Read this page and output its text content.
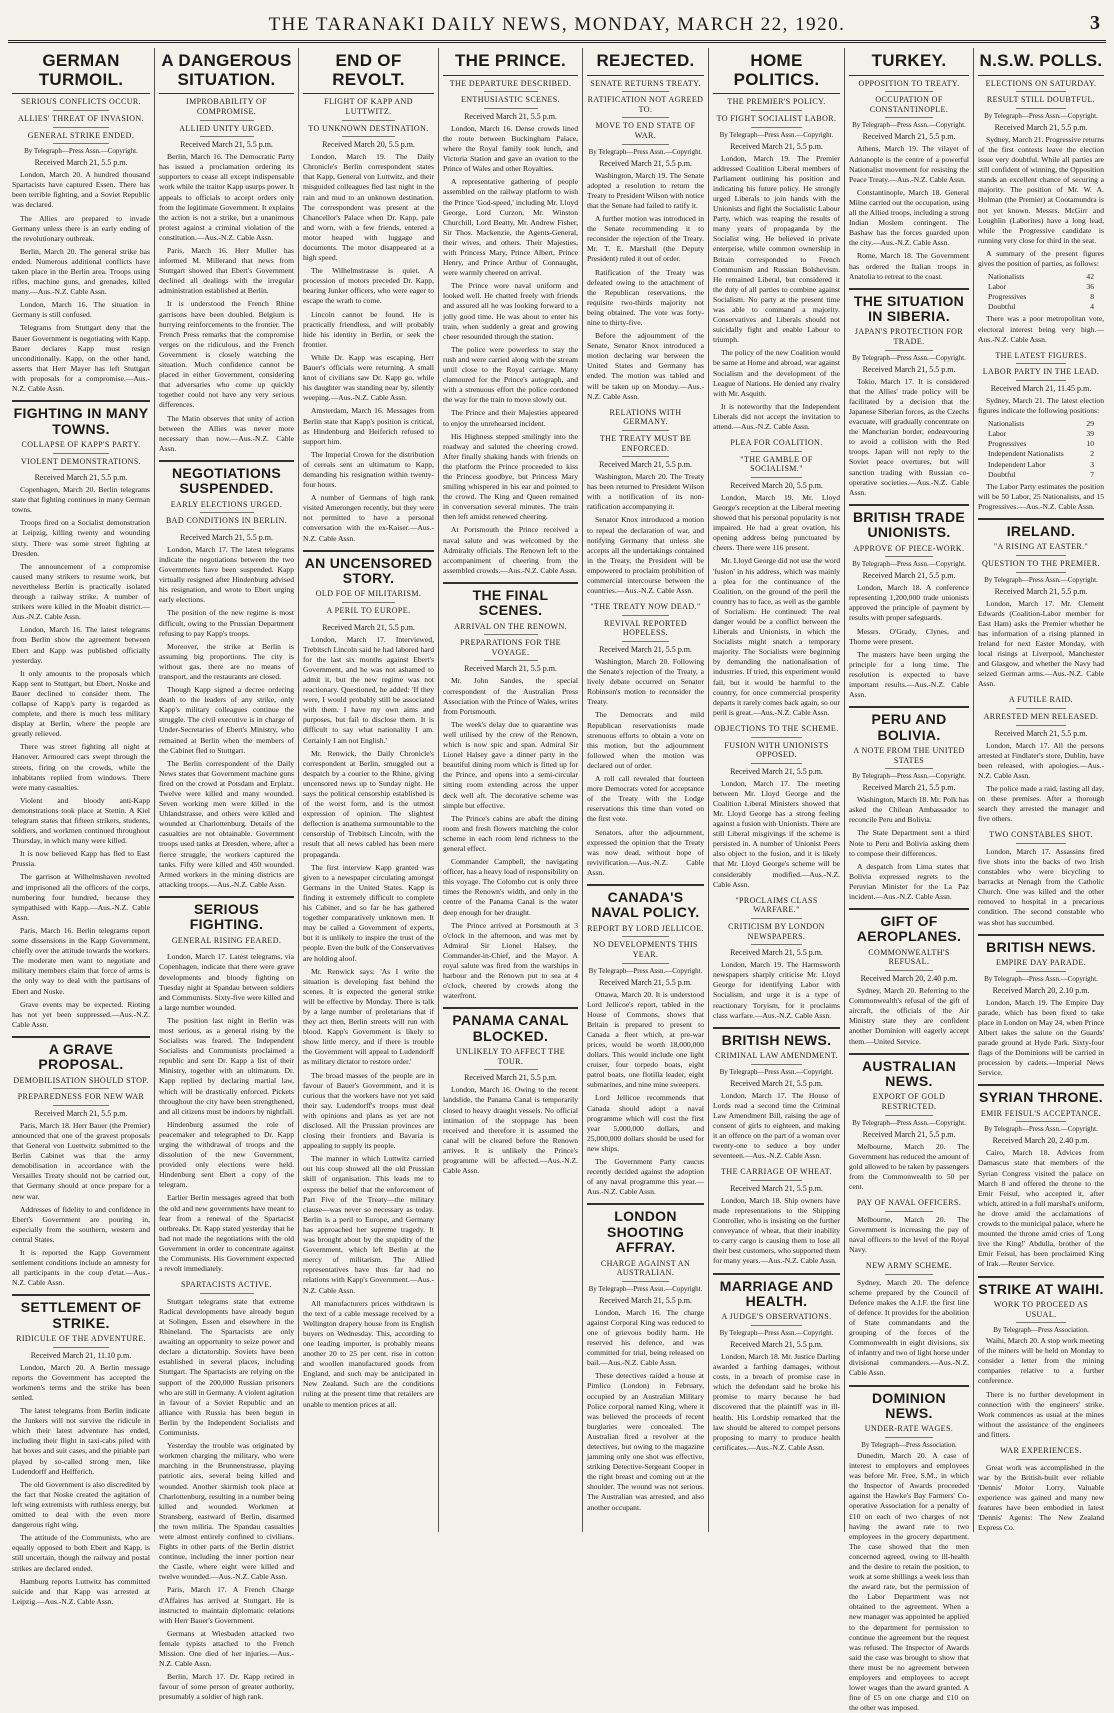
THE TARANAKI DAILY NEWS, MONDAY, MARCH 22, 1920.	3
GERMAN TURMOIL.
SERIOUS CONFLICTS OCCUR.
ALLIES' THREAT OF INVASION.
GENERAL STRIKE ENDED.
By Telegraph—Press Assn.—Copyright.
Received March 21, 5.5 p.m.
London, March 20. A hundred thousand Spartacists have captured Essen. There has been terrible fighting, and a Soviet Republic was declared.
The Allies are prepared to invade Germany unless there is an early ending of the revolutionary outbreak.
Berlin, March 20. The general strike has ended. Numerous additional conflicts have taken place in the Berlin area. Troops using rifles, machine guns, and grenades, killed many.—Aus.-N.Z. Cable Assn.
London, March 16. The situation in Germany is still confused.
Telegrams from Stuttgart deny that the Bauer Government is negotiating with Kapp. Bauer declares Kapp must resign unconditionally. Kapp, on the other hand, asserts that Herr Mayer has left Stuttgart with proposals for a compromise.—Aus.-N.Z. Cable Assn.
FIGHTING IN MANY TOWNS.
COLLAPSE OF KAPP'S PARTY.
VIOLENT DEMONSTRATIONS.
Received March 21, 5.5 p.m.
Copenhagen, March 20. Berlin telegrams state that fighting continues in many German towns.
Troops fired on a Socialist demonstration at Leipzig, killing twenty and wounding sixty. There was some street fighting at Dresden.
The announcement of a compromise caused many strikers to resume work, but nevertheless Berlin is practically isolated through a railway strike. A number of strikers were killed in the Moabit district.—Aus.-N.Z. Cable Assn.
London, March 16. The latest telegrams from Berlin show the agreement between Ebert and Kapp was published officially yesterday.
It only amounts to the proposals which Kapp sent to Stuttgart, but Ebert, Noske and Bauer declined to consider them. The collapse of Kapp's party is regarded as complete, and there is much less military display at Berlin, where the people are greatly relieved.
There was street fighting all night at Hanover. Armoured cars swept through the streets, firing on the crowds, while the inhabitants replied from windows. There were many casualties.
Violent and bloody anti-Kapp demonstrations took place at Stettin. A Kiel telegram states that fifteen strikers, students, soldiers, and workmen continued throughout Thursday, in which many were killed.
It is now believed Kapp has fled to East Prussia.
The garrison at Wilhelmshaven revolted and imprisoned all the officers of the corps, numbering four hundred, because they sympathised with Kapp.—Aus.-N.Z. Cable Assn.
Paris, March 16. Berlin telegrams report some dissensions in the Kapp Government, chiefly over the attitude towards the workers. The moderate men want to negotiate and military members claim that force of arms is the only way to deal with the partisans of Ebert and Noske.
Grave events may be expected. Rioting has not yet been suppressed.—Aus.-N.Z. Cable Assn.
A GRAVE PROPOSAL.
DEMOBILISATION SHOULD STOP.
PREPAREDNESS FOR NEW WAR
Received March 21, 5.5 p.m.
Paris, March 18. Herr Bauer (the Premier) announced that one of the gravest proposals that General von Luettwitz submitted to the Berlin Cabinet was that the army demobilisation in accordance with the Versailles Treaty should not be carried out, that Germany should at once prepare for a new war.
Addresses of fidelity to and confidence in Ebert's Government are pouring in, especially from the southern, western and central States.
It is reported the Kapp Government settlement conditions include an amnesty for all participants in the coup d'etat.—Aus.-N.Z. Cable Assn.
SETTLEMENT OF STRIKE.
RIDICULE OF THE ADVENTURE.
Received March 21, 11.10 p.m.
London, March 20. A Berlin message reports the Government has accepted the workmen's terms and the strike has been settled.
The latest telegrams from Berlin indicate the Junkers will not survive the ridicule in which their latest adventure has ended, including their flight in taxi-cabs piled with hat boxes and suit cases, and the pitiable part played by so-called strong men, like Ludendorff and Helfferich.
The old Government is also discredited by the fact that Noske created the agitation of left wing extremists with ruthless energy, but omitted to deal with the even more dangerous right wing.
The attitude of the Communists, who are equally opposed to both Ebert and Kapp, is still uncertain, though the railway and postal strikes are declared ended.
Hamburg reports Luttwitz has committed suicide and that Kapp was arrested at Leipzig.—Aus.-N.Z. Cable Assn.
A DANGEROUS SITUATION.
IMPROBABILITY OF COMPROMISE.
ALLIED UNITY URGED.
Received March 21, 5.5 p.m.
Berlin, March 16. The Democratic Party has issued a proclamation ordering its supporters to cease all except indispensable work while the traitor Kapp usurps power. It appeals to officials to accept orders only from the legitimate Government. It explains the action is not a strike, but a unanimous protest against a criminal violation of the constitution.—Aus.-N.Z. Cable Assn.
Paris, March 16. Herr Muller has informed M. Millerand that news from Stuttgart showed that Ebert's Government declined all dealings with the irregular administration established at Berlin.
It is understood the French Rhine garrisons have been doubled. Belgium is hurrying reinforcements to the frontier. The French Press remarks that the compromise verges on the ridiculous, and the French Government is closely watching the situation. Much confidence cannot be placed in either Government, considering that adversaries who come up quickly together could not have any very serious differences.
The Matin observes that unity of action between the Allies was never more necessary than now.—Aus.-N.Z. Cable Assn.
NEGOTIATIONS SUSPENDED.
EARLY ELECTIONS URGED.
BAD CONDITIONS IN BERLIN.
Received March 21, 5.5 p.m.
London, March 17. The latest telegrams indicate the negotiations between the two Governments have been suspended. Kapp virtually resigned after Hindenburg advised his resignation, and wrote to Ebert urging early elections.
The position of the new regime is most difficult, owing to the Prussian Department refusing to pay Kapp's troops.
Moreover, the strike at Berlin is assuming big proportions. The city is without gas, there are no means of transport, and the restaurants are closed.
Though Kapp signed a decree ordering death to the leaders of any strike, only Kapp's military colleagues continue the struggle. The civil executive is in charge of Under-Secretaries of Ebert's Ministry, who remained at Berlin when the members of the Cabinet fled to Stuttgart.
The Berlin correspondent of the Daily News states that Government machine guns fired on the crowd at Potsdam and Erplatz. Twelve were killed and many wounded. Seven working men were killed in the Uhlandstrasse, and others were killed and wounded at Charlottenburg. Details of the casualties are not obtainable. Government troops used tanks at Dresden, where, after a fierce struggle, the workers captured the tanks. Fifty were killed and 450 wounded. Armed workers in the mining districts are attacking troops.—Aus.-N.Z. Cable Assn.
SERIOUS FIGHTING.
GENERAL RISING FEARED.
London, March 17. Latest telegrams, via Copenhagen, indicate that there were grave developments and bloody fighting on Tuesday night at Spandau between soldiers and Communists. Sixty-five were killed and a large number wounded.
The position last night in Berlin was most serious, as a general rising by the Socialists was feared. The Independent Socialists and Communists proclaimed a republic and sent Dr. Kapp a list of their Ministry, together with an ultimatum. Dr. Kapp replied by declaring martial law, which will be drastically enforced. Pickets throughout the city have been strengthened, and all citizens must be indoors by nightfall.
Hindenburg assumed the role of peacemaker and telegraphed to Dr. Kapp urging the withdrawal of troops and the dissolution of the new Government, provided only elections were held. Hindenburg sent Ebert a copy of the telegram.
Earlier Berlin messages agreed that both the old and new governments have meant to fear from a renewal of the Spartacist outbreaks. Dr. Kapp stated yesterday that he had not made the negotiations with the old Government in order to concentrate against the Communists. His Government expected a revolt immediately.
SPARTACISTS ACTIVE.
Stuttgart telegrams state that extreme Radical developments have already begun at Solingen, Essen and elsewhere in the Rhineland. The Spartacists are only awaiting an opportunity to seize power and declare a dictatorship. Soviets have been established in several places, including Stuttgart. The Spartacists are relying on the support of the 200,000 Russian prisoners who are still in Germany. A violent agitation in favour of a Soviet Republic and an alliance with Russia has been begun in Berlin by the Independent Socialists and Communists.
Yesterday the trouble was originated by workmen charging the military, who were marching in the Brunnenstrasse, playing patriotic airs, several being killed and wounded. Another skirmish took place at Charlottenburg, resulting in a number being killed and wounded. Workmen at Stransberg, eastward of Berlin, disarmed the town militia. The Spandau casualties were almost entirely confined to civilians. Fights in other parts of the Berlin district continue, including the inner portion near the Castle, where eight were killed and twelve wounded.—Aus.-N.Z. Cable Assn.
Paris, March 17. A French Charge d'Affaires has arrived at Stuttgart. He is instructed to maintain diplomatic relations with Herr Bauer's Government.
Germans at Wiesbaden attacked two female typists attached to the French Mission. One died of her injuries.—Aus.-N.Z. Cable Assn.
Berlin, March 17. Dr. Kapp retired in favour of some person of greater authority, presumably a soldier of high rank.
END OF REVOLT.
FLIGHT OF KAPP AND LUTTWITZ.
TO UNKNOWN DESTINATION.
Received March 20, 5.5 p.m.
London, March 19. The Daily Chronicle's Berlin correspondent states that Kapp, General von Luttwitz, and their misguided colleagues fled last night in the rain and mud to an unknown destination. The correspondent was present at the Chancellor's Palace when Dr. Kapp, pale and worn, with a few friends, entered a motor heaped with luggage and documents. The motor disappeared at a high speed.
The Wilhelmstrasse is quiet. A procession of motors preceded Dr. Kapp, bearing Junker officers, who were eager to escape the wrath to come.
Lincoln cannot be found. He is practically friendless, and will probably hide his identity in Berlin, or seek the frontier.
While Dr. Kapp was escaping, Herr Bauer's officials were returning. A small knot of civilians saw Dr. Kapp go, while his daughter was standing near by, silently weeping.—Aus.-N.Z. Cable Assn.
Amsterdam, March 16. Messages from Berlin state that Kapp's position is critical, as Hindenburg and Heiferich refused to support him.
The Imperial Crown for the distribution of cereals sent an ultimatum to Kapp, demanding his resignation within twenty-four hours.
A number of Germans of high rank visited Amerongen recently, but they were not permitted to have a personal conversation with the ex-Kaiser.—Aus.-N.Z. Cable Assn.
AN UNCENSORED STORY.
OLD FOE OF MILITARISM.
A PERIL TO EUROPE.
Received March 21, 5.5 p.m.
London, March 17. Interviewed, Trebitsch Lincoln said he had labored hard for the last six months against Ebert's Government, and he was not ashamed to admit it, but the new regime was not reactionary. Questioned, he added: 'If they were, I would probably still be associated with them. I have my own aims and purposes, but fail to disclose them. It is difficult to say what nationality I am. Certainly I am not English.'
Mr. Renwick, the Daily Chronicle's correspondent at Berlin, smuggled out a despatch by a courier to the Rhine, giving uncensored news up to Sunday night. He says the political censorship established is of the worst form, and is the utmost expression of opinion. The slightest deflection is anathema surmountable to the censorship of Trebitsch Lincoln, with the result that all news cabled has been mere propaganda.
The first interview Kapp granted was given to a newspaper circulating amongst Germans in the United States. Kapp is finding it extremely difficult to complete his Cabinet, and so far he has gathered together comparatively unknown men. It may be called a Government of experts, but it is unlikely to inspire the trust of the people. Even the bulk of the Conservatives are holding aloof.
Mr. Renwick says: 'As I write the situation is developing fast behind the scenes. It is expected the general strike will be effective by Monday. There is talk by a large number of proletarians that if they act then, Berlin streets will run with blood. Kapp's Government is likely to show little mercy, and if there is trouble the Government will appeal to Ludendorff as military dictator to restore order.'
The broad masses of the people are in favour of Bauer's Government, and it is curious that the workers have not yet said their say. Ludendorff's troops must deal with opinions and plans as yet are not disclosed. All the Prussian provinces are closing their frontiers and Bavaria is appealing to supply its people.
The manner in which Luttwitz carried out his coup showed all the old Prussian skill of organisation. This leads me to express the belief that the enforcement of Part Five of the Treaty—the military clause—was never so necessary as today. Berlin is a peril to Europe, and Germany has approached her supreme tragedy. It was brought about by the stupidity of the Government, which left Berlin at the mercy of militarism. The Allied representatives have thus far had no relations with Kapp's Government.—Aus.-N.Z. Cable Assn.
All manufacturers prices withdrawn is the text of a cable message received by a Wellington drapery house from its English buyers on Wednesday. This, according to one leading importer, is probably means another 20 to 25 per cent. rise in cotton and woollen manufactured goods from England, and such may be anticipated in New Zealand. Such are the conditions ruling at the present time that retailers are unable to mention prices at all.
THE PRINCE.
THE DEPARTURE DESCRIBED.
ENTHUSIASTIC SCENES.
Received March 21, 5.5 p.m.
London, March 16. Dense crowds lined the route between Buckingham Palace, where the Royal family took lunch, and Victoria Station and gave an ovation to the Prince of Wales and other Royalties.
A representative gathering of people assembled on the railway platform to wish the Prince 'God-speed,' including Mr. Lloyd George, Lord Curzon, Mr. Winston Churchill, Lord Beatty, Mr. Andrew Fisher, Sir Thos. Mackenzie, the Agents-General, their wives, and others. Their Majesties, with Princess Mary, Prince Albert, Prince Henry, and Prince Arthur of Connaught, were warmly cheered on arrival.
The Prince wore naval uniform and looked well. He chatted freely with friends and assured all he was looking forward to a jolly good time. He was about to enter his train, when suddenly a great and growing cheer resounded through the station.
The police were powerless to stay the rush and were carried along with the stream until close to the Royal carriage. Many clamoured for the Prince's autograph, and with a strenuous effort the police cordoned the way for the train to move slowly out.
The Prince and their Majesties appeared to enjoy the unrehearsed incident.
His Highness stepped smilingly into the roadway and saluted the cheering crowd. After finally shaking hands with friends on the platform the Prince proceeded to kiss the Princess goodbye, but Princess Mary smiling whispered in his ear and pointed to the crowd. The King and Queen remained in conversation several minutes. The train then left amidst renewed cheering.
At Portsmouth the Prince received a naval salute and was welcomed by the Admiralty officials. The Renown left to the accompaniment of cheering from the assembled crowds.—Aus.-N.Z. Cable Assn.
THE FINAL SCENES.
ARRIVAL ON THE RENOWN.
PREPARATIONS FOR THE VOYAGE.
Received March 21, 5.5 p.m.
Mr. John Sandes, the special correspondent of the Australian Press Association with the Prince of Wales, writes from Portsmouth.
The week's delay due to quarantine was well utilised by the crew of the Renown, which is now spic and span. Admiral Sir Lionel Halsey gave a dinner party in the beautiful dining room which is fitted up for the Prince, and opens into a semi-circular sitting room extending across the upper deck well aft. The decorative scheme was simple but effective.
The Prince's cabins are abaft the dining room and fresh flowers matching the color scheme in each room lend richness to the general effect.
Commander Campbell, the navigating officer, has a heavy load of responsibility on this voyage. The Colombo cut is only three times the Renown's width, and only in the centre of the Panama Canal is the water deep enough for her draught.
The Prince arrived at Portsmouth at 3 o'clock in the afternoon, and was met by Admiral Sir Lionel Halsey, the Commander-in-Chief, and the Mayor. A royal salute was fired from the warships in harbour and the Renown put to sea at 4 o'clock, cheered by crowds along the waterfront.
PANAMA CANAL BLOCKED.
UNLIKELY TO AFFECT THE TOUR.
Received March 21, 5.5 p.m.
London, March 16. Owing to the recent landslide, the Panama Canal is temporarily closed to heavy draught vessels. No official intimation of the stoppage has been received and therefore it is assumed the canal will be cleared before the Renown arrives. It is unlikely the Prince's programme will be affected.—Aus.-N.Z. Cable Assn.
REJECTED.
SENATE RETURNS TREATY.
RATIFICATION NOT AGREED TO.
MOVE TO END STATE OF WAR.
By Telegraph—Press Assn.—Copyright.
Received March 21, 5.5 p.m.
Washington, March 19. The Senate adopted a resolution to return the Treaty to President Wilson with notice that the Senate had failed to ratify it.
A further motion was introduced in the Senate recommending it to reconsider the rejection of the Treaty. Mr. T. E. Marshall (the Deputy President) ruled it out of order.
Ratification of the Treaty was defeated owing to the attachment of the Republican reservations, the requisite two-thirds majority not being obtained. The vote was forty-nine to thirty-five.
Before the adjournment of the Senate, Senator Knox introduced a motion declaring war between the United States and Germany has ended. The motion was tabled and will be taken up on Monday.—Aus.-N.Z. Cable Assn.
RELATIONS WITH GERMANY.
THE TREATY MUST BE ENFORCED.
Received March 21, 5.5 p.m.
Washington, March 20. The Treaty has been returned to President Wilson with a notification of its non-ratification accompanying it.
Senator Knox introduced a motion to repeal the declaration of war, and notifying Germany that unless she accepts all the undertakings contained in the Treaty, the President will be empowered to proclaim prohibition of commercial intercourse between the countries.—Aus.-N.Z. Cable Assn.
"THE TREATY NOW DEAD."
REVIVAL REPORTED HOPELESS.
Received March 21, 5.5 p.m.
Washington, March 20. Following the Senate's rejection of the Treaty, a lively debate occurred on Senator Robinson's motion to reconsider the Treaty.
The Democrats and mild Republican reservationists made strenuous efforts to obtain a vote on this motion, but the adjournment followed when the motion was declared out of order.
A roll call revealed that fourteen more Democrats voted for acceptance of the Treaty with the Lodge reservations this time than voted on the first vote.
Senators, after the adjournment, expressed the opinion that the Treaty was now dead, without hope of revivification.—Aus.-N.Z. Cable Assn.
CANADA'S NAVAL POLICY.
REPORT BY LORD JELLICOE.
NO DEVELOPMENTS THIS YEAR.
By Telegraph—Press Assn.—Copyright.
Received March 21, 5.5 p.m.
Ottawa, March 20. It is understood Lord Jellicoe's report, tabled in the House of Commons, shows that Britain is prepared to present to Canada a fleet which, at pre-war prices, would be worth 18,000,000 dollars. This would include one light cruiser, four torpedo boats, eight patrol boats, one flotilla leader, eight submarines, and nine mine sweepers.
Lord Jellicoe recommends that Canada should adopt a naval programme which will cost the first year 5,000,000 dollars, and 25,000,000 dollars should be used for new ships.
The Government Party caucus recently decided against the adoption of any naval programme this year.—Aus.-N.Z. Cable Assn.
LONDON SHOOTING AFFRAY.
CHARGE AGAINST AN AUSTRALIAN.
By Telegraph—Press Assn.—Copyright.
Received March 21, 5.5 p.m.
London, March 16. The charge against Corporal King was reduced to one of grievous bodily harm. He reserved his defence, and was committed for trial, being released on bail.—Aus.-N.Z. Cable Assn.
These detectives raided a house at Pimlico (London) in February, occupied by an Australian Military Police corporal named King, where it was believed the proceeds of recent burglaries were concealed. The Australian fired a revolver at the detectives, but owing to the magazine jamming only one shot was effective, striking Detective-Sergeant Cooper in the right breast and coming out at the shoulder. The wound was not serious. The Australian was arrested, and also another occupant.
HOME POLITICS.
THE PREMIER'S POLICY.
TO FIGHT SOCIALIST LABOR.
By Telegraph—Press Assn.—Copyright.
Received March 21, 5.5 p.m.
London, March 19. The Premier addressed Coalition Liberal members of Parliament outlining his position and indicating his future policy. He strongly urged Liberals to join hands with the Unionists and fight the Socialistic Labour Party, which was reaping the results of many years of propaganda by the Socialist wing. He believed in private enterprise, while common ownership in Britain corresponded to French Communism and Russian Bolshevism. He remained Liberal, but considered it the duty of all parties to combine against Socialism. No party at the present time was able to command a majority. Conservatives and Liberals should not suicidally fight and enable Labour to triumph.
The policy of the new Coalition would be same at Home and abroad, war against Socialism and the development of the League of Nations. He denied any rivalry with Mr. Asquith.
It is noteworthy that the Independent Liberals did not accept the invitation to attend.—Aus.-N.Z. Cable Assn.
PLEA FOR COALITION.
"THE GAMBLE OF SOCIALISM."
Received March 20, 5.5 p.m.
London, March 19. Mr. Lloyd George's reception at the Liberal meeting showed that his personal popularity is not impaired. He had a great ovation, his opening address being punctuated by cheers. There were 116 present.
Mr. Lloyd George did not use the word 'fusion' in his address, which was mainly a plea for the continuance of the Coalition, on the ground of the peril the country has to face, as well as the gamble of Socialism. He continued: The real danger would be a conflict between the Liberals and Unionists, in which the Socialists might snatch a temporary majority. The Socialists were beginning by demanding the nationalisation of industries. If tried, this experiment would fail, but it would be harmful to the country, for once commercial prosperity departs it rarely comes back again, so our peril is great.—Aus.-N.Z. Cable Assn.
OBJECTIONS TO THE SCHEME.
FUSION WITH UNIONISTS OPPOSED.
Received March 21, 5.5 p.m.
London, March 17. The meeting between Mr. Lloyd George and the Coalition Liberal Ministers showed that Mr. Lloyd George has a strong feeling against a fusion with Unionists. There are still Liberal misgivings if the scheme is persisted in. A number of Unionist Peers also object to the fusion, and it is likely that Mr. Lloyd George's scheme will be considerably modified.—Aus.-N.Z. Cable Assn.
"PROCLAIMS CLASS WARFARE."
CRITICISM BY LONDON NEWSPAPERS.
Received March 21, 5.5 p.m.
London, March 19. The Harmsworth newspapers sharply criticise Mr. Lloyd George for identifying Labor with Socialism, and urge it is a type of reactionary Toryism, for it proclaims class warfare.—Aus.-N.Z. Cable Assn.
BRITISH NEWS.
CRIMINAL LAW AMENDMENT.
By Telegraph—Press Assn.—Copyright.
Received March 21, 5.5 p.m.
London, March 17. The House of Lords read a second time the Criminal Law Amendment Bill, raising the age of consent of girls to eighteen, and making it an offence on the part of a woman over twenty-one to seduce a boy under seventeen.—Aus.-N.Z. Cable Assn.
THE CARRIAGE OF WHEAT.
Received March 21, 5.5 p.m.
London, March 18. Ship owners have made representations to the Shipping Controller, who is insisting on the further conveyance of wheat, that their inability to carry cargo is causing them to lose all their best customers, who supported them for many years.—Aus.-N.Z. Cable Assn.
MARRIAGE AND HEALTH.
A JUDGE'S OBSERVATIONS.
By Telegraph—Press Assn.—Copyright.
Received March 21, 5.5 p.m.
London, March 18. Mr. Justice Darling awarded a farthing damages, without costs, in a breach of promise case in which the defendant said he broke his promise to marry because he had discovered that the plaintiff was in ill-health. His Lordship remarked that the law should be altered to compel persons proposing to marry to produce health certificates.—Aus.-N.Z. Cable Assn.
TURKEY.
OPPOSITION TO TREATY.
OCCUPATION OF CONSTANTINOPLE.
By Telegraph—Press Assn.—Copyright.
Received March 21, 5.5 p.m.
Athens, March 19. The vilayet of Adrianople is the centre of a powerful Nationalist movement for resisting the Peace Treaty.—Aus.-N.Z. Cable Assn.
Constantinople, March 18. General Milne carried out the occupation, using all the Allied troops, including a strong Indian Moslem contingent. The Bashaw has the forces guarded upon the city.—Aus.-N.Z. Cable Assn.
Rome, March 18. The Government has ordered the Italian troops in Anatolia to retreat to the coast.
THE SITUATION IN SIBERIA.
JAPAN'S PROTECTION FOR TRADE.
By Telegraph—Press Assn.—Copyright.
Received March 21, 5.5 p.m.
Tokio, March 17. It is considered that the Allies' trade policy will be facilitated by a decision that the Japanese Siberian forces, as the Czechs evacuate, will gradually concentrate on the Manchurian border, endeavouring to avoid a collision with the Red troops. Japan will not reply to the Soviet peace overtures, but will sanction trading with Russian co-operative societies.—Aus.-N.Z. Cable Assn.
BRITISH TRADE UNIONISTS.
APPROVE OF PIECE-WORK.
By Telegraph—Press Assn.—Copyright.
Received March 21, 5.5 p.m.
London, March 18. A conference representing 1,200,000 trade unionists approved the principle of payment by results with proper safeguards.
Messrs. O'Grady, Clynes, and Thorne were present.
The masters have been urging the principle for a long time. The resolution is expected to have important results.—Aus.-N.Z. Cable Assn.
PERU AND BOLIVIA.
A NOTE FROM THE UNITED STATES
By Telegraph—Press Assn.—Copyright.
Received March 21, 5.5 p.m.
Washington, March 18. Mr. Polk has asked the Chilean Ambassador to reconcile Peru and Bolivia.
The State Department sent a third Note to Peru and Bolivia asking them to compose their differences.
A despatch from Lima states that Bolivia expressed regrets to the Peruvian Minister for the La Paz incident.—Aus.-N.Z. Cable Assn.
GIFT OF AEROPLANES.
COMMONWEALTH'S REFUSAL.
Received March 20, 2.40 p.m.
Sydney, March 20. Referring to the Commonwealth's refusal of the gift of aircraft, the officials of the Air Ministry state they are confident another Dominion will eagerly accept them.—United Service.
AUSTRALIAN NEWS.
EXPORT OF GOLD RESTRICTED.
By Telegraph—Press Assn.—Copyright.
Received March 21, 5.5 p.m.
Melbourne, March 20. The Government has reduced the amount of gold allowed to be taken by passengers from the Commonwealth to 50 per cent.
PAY OF NAVAL OFFICERS.
Melbourne, March 20. The Government is increasing the pay of naval officers to the level of the Royal Navy.
NEW ARMY SCHEME.
Sydney, March 20. The defence scheme prepared by the Council of Defence makes the A.I.F. the first line of defence. It provides for the abolition of State commandants and the grouping of the forces of the Commonwealth in eight divisions, six of infantry and two of light horse under divisional commanders.—Aus.-N.Z. Cable Assn.
DOMINION NEWS.
UNDER-RATE WAGES.
By Telegraph—Press Association.
Dunedin, March 20. A case of interest to employers and employees was before Mr. Free, S.M., in which the Inspector of Awards proceeded against the Hawke's Bay Farmers' Co-operative Association for a penalty of £10 on each of two charges of not having the award rate to two employees in the grocery department. The case showed that the men concerned agreed, owing to ill-health and the desire to retain the position, to work at some shillings a week less than the award rate, but the permission of the Labor Department was not obtained to the agreement. When a new manager was appointed he applied to the department for permission to continue the agreement but the request was refused. The Inspector of Awards said the case was brought to show that there must be no agreement between employers and employees to accept lower wages than the award granted. A fine of £5 on one charge and £10 on the other was imposed.
N.S.W. POLLS.
ELECTIONS ON SATURDAY.
RESULT STILL DOUBTFUL.
By Telegraph—Press Assn.—Copyright.
Received March 21, 5.5 p.m.
Sydney, March 21. Progressive returns of the first contests leave the election issue very doubtful. While all parties are still confident of winning, the Opposition stands an excellent chance of securing a majority. The position of Mr. W. A. Holman (the Premier) at Cootamundra is not yet known. Messrs. McGirr and Loughlin (Laborites) have a long lead, while the Progressive candidate is running very close for third in the seat.
A summary of the present figures gives the position of parties, as follows:
Nationalists	42
Labor	36
Progressives	8
Doubtful	4
There was a poor metropolitan vote, electoral interest being very high.—Aus.-N.Z. Cable Assn.
THE LATEST FIGURES.
LABOR PARTY IN THE LEAD.
Received March 21, 11.45 p.m.
Sydney, March 21. The latest election figures indicate the following positions:
Nationalists	29
Labor	39
Progressives	10
Independent Nationalists	2
Independent Labor	3
Doubtful	7
The Labor Party estimates the position will be 50 Labor, 25 Nationalists, and 15 Progressives.—Aus.-N.Z. Cable Assn.
IRELAND.
"A RISING AT EASTER."
QUESTION TO THE PREMIER.
By Telegraph—Press Assn.—Copyright.
Received March 21, 5.5 p.m.
London, March 17. Mr. Clement Edwards (Coalition-Labor member for East Ham) asks the Premier whether he has information of a rising planned in Ireland for next Easter Monday, with local risings at Liverpool, Manchester and Glasgow, and whether the Navy had seized German arms.—Aus.-N.Z. Cable Assn.
A FUTILE RAID.
ARRESTED MEN RELEASED.
Received March 21, 5.5 p.m.
London, March 17. All the persons arrested at Findlater's store, Dublin, have been released, with apologies.—Aus.-N.Z. Cable Assn.
The police made a raid, lasting all day, on these premises. After a thorough search they arrested the manager and five others.
TWO CONSTABLES SHOT.
London, March 17. Assassins fired five shots into the backs of two Irish constables who were bicycling to barracks at Nenagh from the Catholic Church. One was killed and the other removed to hospital in a precarious condition. The second constable who was shot has succumbed.
BRITISH NEWS.
EMPIRE DAY PARADE.
By Telegraph—Press Assn.—Copyright.
Received March 20, 2.10 p.m.
London, March 19. The Empire Day parade, which has been fixed to take place in London on May 24, when Prince Albert takes the salute on the Guards' parade ground at Hyde Park. Sixty-four flags of the Dominions will be carried in procession by cadets.—Imperial News Service.
SYRIAN THRONE.
EMIR FEISUL'S ACCEPTANCE.
By Telegraph—Press Assn.—Copyright.
Received March 20, 2.40 p.m.
Cairo, March 18. Advices from Damascus state that members of the Syrian Congress visited the palace on March 8 and offered the throne to the Emir Feisul, who accepted it, after which, attired in a full marshal's uniform, he drove amid the acclamations of crowds to the municipal palace, where he mounted the throne amid cries of 'Long live the King!' Abdulla, brother of the Emir Feisul, has been proclaimed King of Irak.—Reuter Service.
STRIKE AT WAIHI.
WORK TO PROCEED AS USUAL.
By Telegraph—Press Association.
Waihi, March 20. A stop work meeting of the miners will be held on Monday to consider a letter from the mining companies relative to a further conference.
There is no further development in connection with the engineers' strike. Work commences as usual at the mines without the assistance of the engineers and fitters.
WAR EXPERIENCES.
Great work was accomplished in the war by the British-built ever reliable 'Dennis' Motor Lorry. Valuable experience was gained and many new features have been embodied in latest 'Dennis' Agents: The New Zealand Express Co.
